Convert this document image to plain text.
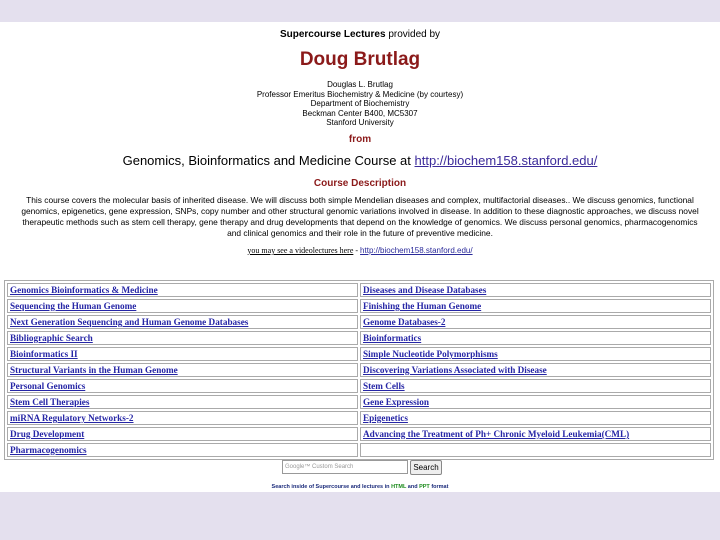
Supercourse Lectures provided by
Doug Brutlag
Douglas L. Brutlag
Professor Emeritus Biochemistry & Medicine (by courtesy)
Department of Biochemistry
Beckman Center B400, MC5307
Stanford University
from
Genomics, Bioinformatics and Medicine Course at http://biochem158.stanford.edu/
Course Description
This course covers the molecular basis of inherited disease. We will discuss both simple Mendelian diseases and complex, multifactorial diseases.. We discuss genomics, functional genomics, epigenetics, gene expression, SNPs, copy number and other structural genomic variations involved in disease. In addition to these diagnostic approaches, we discuss novel therapeutic methods such as stem cell therapy, gene therapy and drug developments that depend on the knowledge of genomics. We discuss personal genomics, pharmacogenomics and clinical genomics and their role in the future of preventive medicine.
you may see a videolectures here - http://biochem158.stanford.edu/
Genomics Bioinformatics & Medicine	Diseases and Disease Databases
Sequencing the Human Genome	Finishing the Human Genome
Next Generation Sequencing and Human Genome Databases	Genome Databases-2
Bibliographic Search	Bioinformatics
Bioinformatics II	Simple Nucleotide Polymorphisms
Structural Variants in the Human Genome	Discovering Variations Associated with Disease
Personal Genomics	Stem Cells
Stem Cell Therapies	Gene Expression
miRNA Regulatory Networks-2	Epigenetics
Drug Development	Advancing the Treatment of Ph+ Chronic Myeloid Leukemia(CML)
Pharmacogenomics	
Google™ Custom Search	Search
Search inside of Supercourse and lectures in HTML and PPT format
